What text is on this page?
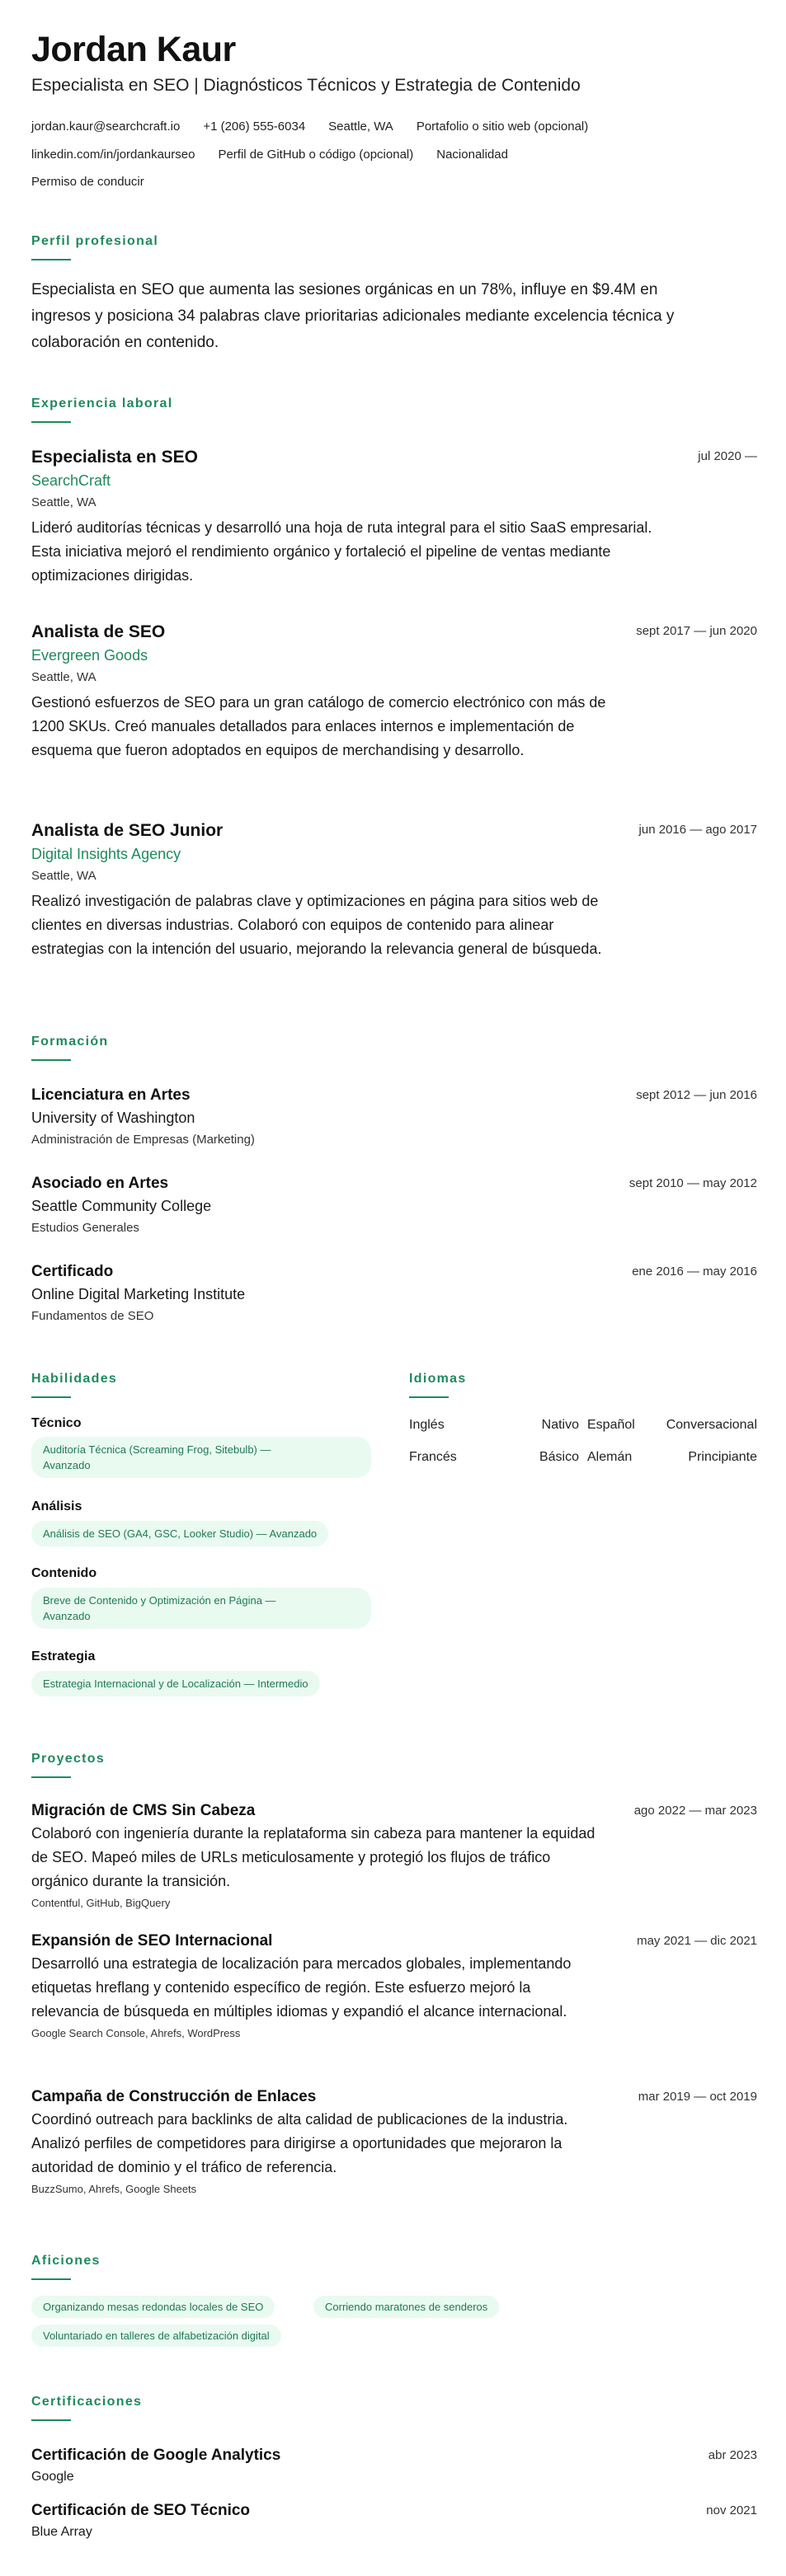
Jordan Kaur
Especialista en SEO | Diagnósticos Técnicos y Estrategia de Contenido
jordan.kaur@searchcraft.io +1 (206) 555-6034 Seattle, WA Portafolio o sitio web (opcional)
linkedin.com/in/jordankaurseo Perfil de GitHub o código (opcional) Nacionalidad
Permiso de conducir
Perfil profesional
Especialista en SEO que aumenta las sesiones orgánicas en un 78%, influye en $9.4M en
ingresos y posiciona 34 palabras clave prioritarias adicionales mediante excelencia técnica y
colaboración en contenido.
Experiencia laboral
Especialista en SEO
SearchCraft
Seattle, WA
Lideró auditorías técnicas y desarrolló una hoja de ruta integral para el sitio SaaS empresarial. Esta iniciativa mejoró el rendimiento orgánico y fortaleció el pipeline de ventas mediante optimizaciones dirigidas.
jul 2020 —
Analista de SEO
Evergreen Goods
Seattle, WA
Gestionó esfuerzos de SEO para un gran catálogo de comercio electrónico con más de 1200 SKUs. Creó manuales detallados para enlaces internos e implementación de esquema que fueron adoptados en equipos de merchandising y desarrollo.
sept 2017 — jun 2020
Analista de SEO Junior
Digital Insights Agency
Seattle, WA
Realizó investigación de palabras clave y optimizaciones en página para sitios web de clientes en diversas industrias. Colaboró con equipos de contenido para alinear estrategias con la intención del usuario, mejorando la relevancia general de búsqueda.
jun 2016 — ago 2017
Formación
Licenciatura en Artes
University of Washington
Administración de Empresas (Marketing)
sept 2012 — jun 2016
Asociado en Artes
Seattle Community College
Estudios Generales
sept 2010 — may 2012
Certificado
Online Digital Marketing Institute
Fundamentos de SEO
ene 2016 — may 2016
Habilidades
Técnico
Auditoría Técnica (Screaming Frog, Sitebulb) —
Avanzado
Análisis
Análisis de SEO (GA4, GSC, Looker Studio) — Avanzado
Contenido
Breve de Contenido y Optimización en Página —
Avanzado
Estrategia
Estrategia Internacional y de Localización — Intermedio
Idiomas
Inglés	Nativo Español	Conversacional
Francés	Básico Alemán	Principiante
Proyectos
Migración de CMS Sin Cabeza
Colaboró con ingeniería durante la replataforma sin cabeza para mantener la equidad de SEO. Mapeó miles de URLs meticulosamente y protegió los flujos de tráfico orgánico durante la transición.
Contentful, GitHub, BigQuery
ago 2022 — mar 2023
Expansión de SEO Internacional
Desarrolló una estrategia de localización para mercados globales, implementando etiquetas hreflang y contenido específico de región. Este esfuerzo mejoró la relevancia de búsqueda en múltiples idiomas y expandió el alcance internacional.
Google Search Console, Ahrefs, WordPress
may 2021 — dic 2021
Campaña de Construcción de Enlaces
Coordinó outreach para backlinks de alta calidad de publicaciones de la industria. Analizó perfiles de competidores para dirigirse a oportunidades que mejoraron la autoridad de dominio y el tráfico de referencia.
BuzzSumo, Ahrefs, Google Sheets
mar 2019 — oct 2019
Aficiones
Organizando mesas redondas locales de SEO	Corriendo maratones de senderos
Voluntariado en talleres de alfabetización digital
Certificaciones
Certificación de Google Analytics
Google
abr 2023
Certificación de SEO Técnico
Blue Array
nov 2021
